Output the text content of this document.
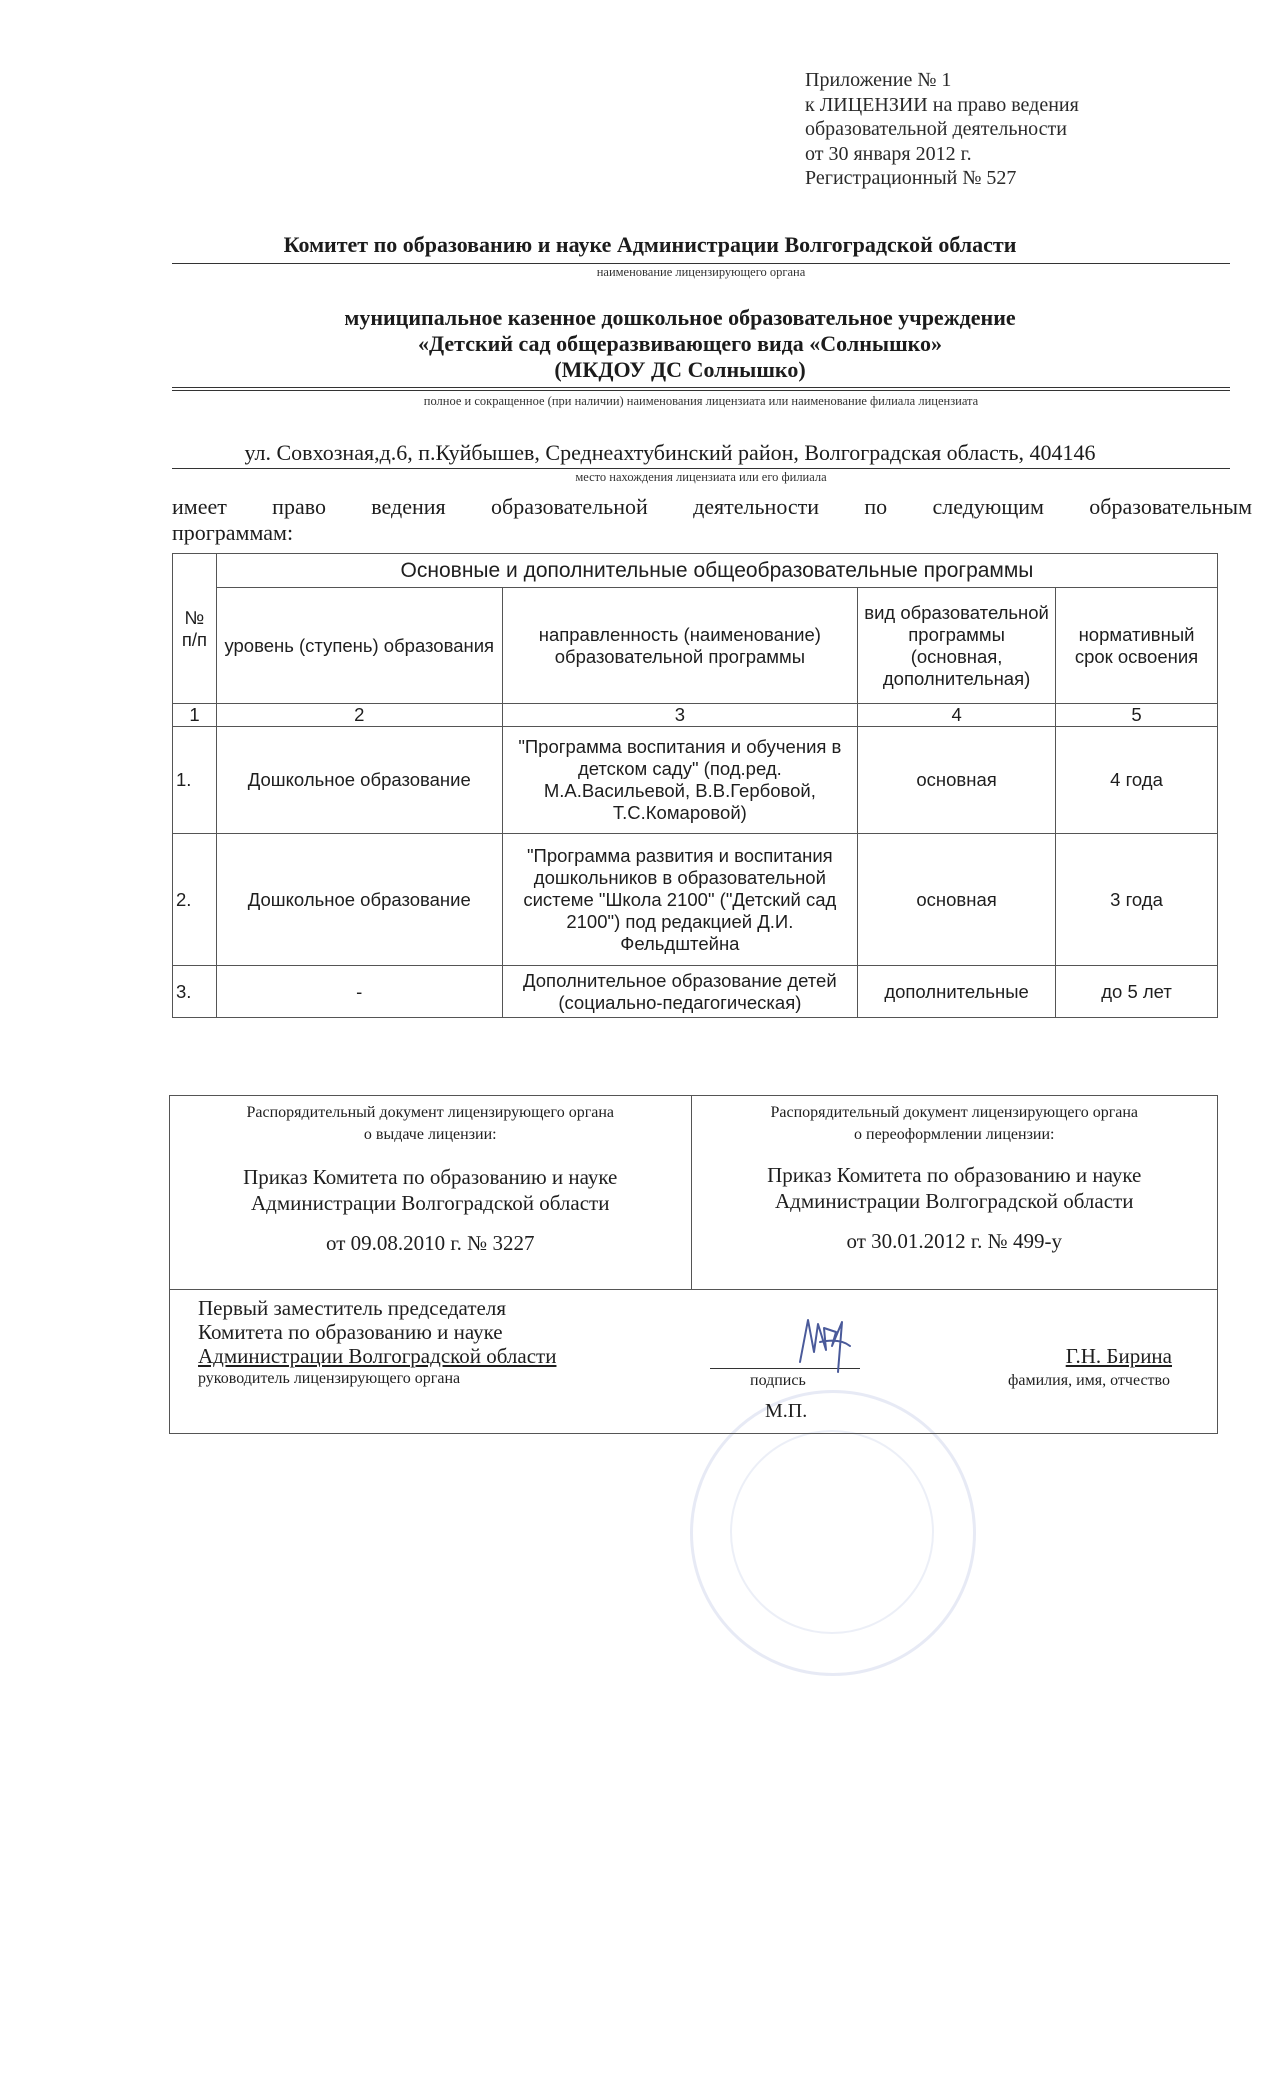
Приложение № 1
к ЛИЦЕНЗИИ на право ведения
образовательной деятельности
от 30 января 2012 г.
Регистрационный № 527
Комитет по образованию и науке Администрации Волгоградской области
наименование лицензирующего органа
муниципальное казенное дошкольное образовательное учреждение
«Детский сад общеразвивающего вида «Солнышко»
(МКДОУ ДС Солнышко)
полное и сокращенное (при наличии) наименования лицензиата или наименование филиала лицензиата
ул. Совхозная,д.6, п.Куйбышев, Среднеахтубинский район, Волгоградская область, 404146
место нахождения лицензиата или его филиала
имеет право ведения образовательной деятельности по следующим образовательным
программам:
№ п/п	Основные и дополнительные общеобразовательные программы			
	уровень (ступень) образования	направленность (наименование) образовательной программы	вид образовательной программы (основная, дополнительная)	нормативный срок освоения
1	2	3	4	5
1.	Дошкольное образование	"Программа воспитания и обучения в детском саду" (под.ред. М.А.Васильевой, В.В.Гербовой, Т.С.Комаровой)	основная	4 года
2.	Дошкольное образование	"Программа развития и воспитания дошкольников в образовательной системе "Школа 2100" ("Детский сад 2100") под редакцией Д.И. Фельдштейна	основная	3 года
3.	-	Дополнительное образование детей (социально-педагогическая)	дополнительные	до 5 лет
Распорядительный документ лицензирующего органа
о выдаче лицензии:
Приказ Комитета по образованию и науке
Администрации Волгоградской области
от 09.08.2010 г. № 3227

Распорядительный документ лицензирующего органа
о переоформлении лицензии:
Приказ Комитета по образованию и науке
Администрации Волгоградской области
от 30.01.2012 г. № 499-у

Первый заместитель председателя
Комитета по образованию и науке
Администрации Волгоградской области
руководитель лицензирующего органа	подпись
Г.Н. Бирина
фамилия, имя, отчество
М.П.
